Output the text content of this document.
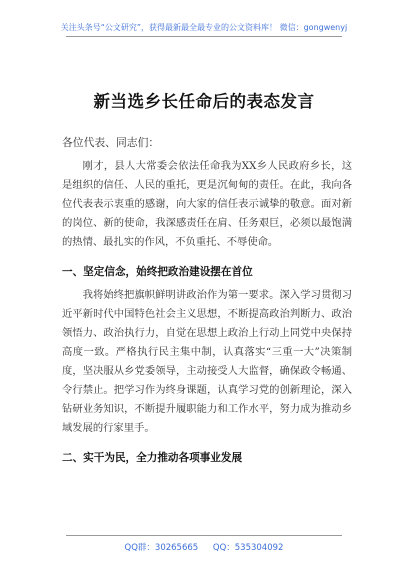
关注头条号“公文研究”，获得最新最全最专业的公文资料库！ 微信：gongwenyj
新当选乡长任命后的表态发言

各位代表、同志们：

刚才，县人大常委会依法任命我为XX乡人民政府乡长，这是组织的信任、人民的重托，更是沉甸甸的责任。在此，我向各位代表表示衷重的感谢，向大家的信任表示诚挚的敬意。面对新的岗位、新的使命，我深感责任在肩、任务艰巨，必须以最饱满的热情、最扎实的作风，不负重托、不辱使命。

一、坚定信念，始终把政治建设摆在首位

我将始终把旗帜鲜明讲政治作为第一要求。深入学习贯彻习近平新时代中国特色社会主义思想，不断提高政治判断力、政治领悟力、政治执行力，自觉在思想上政治上行动上同党中央保持高度一致。严格执行民主集中制，认真落实“三重一大”决策制度，坚决服从乡党委领导，主动接受人大监督，确保政令畅通、令行禁止。把学习作为终身课题，认真学习党的创新理论，深入钻研业务知识，不断提升履职能力和工作水平，努力成为推动乡域发展的行家里手。

二、实干为民，全力推动各项事业发展

QQ群：30265665 QQ：535304092
